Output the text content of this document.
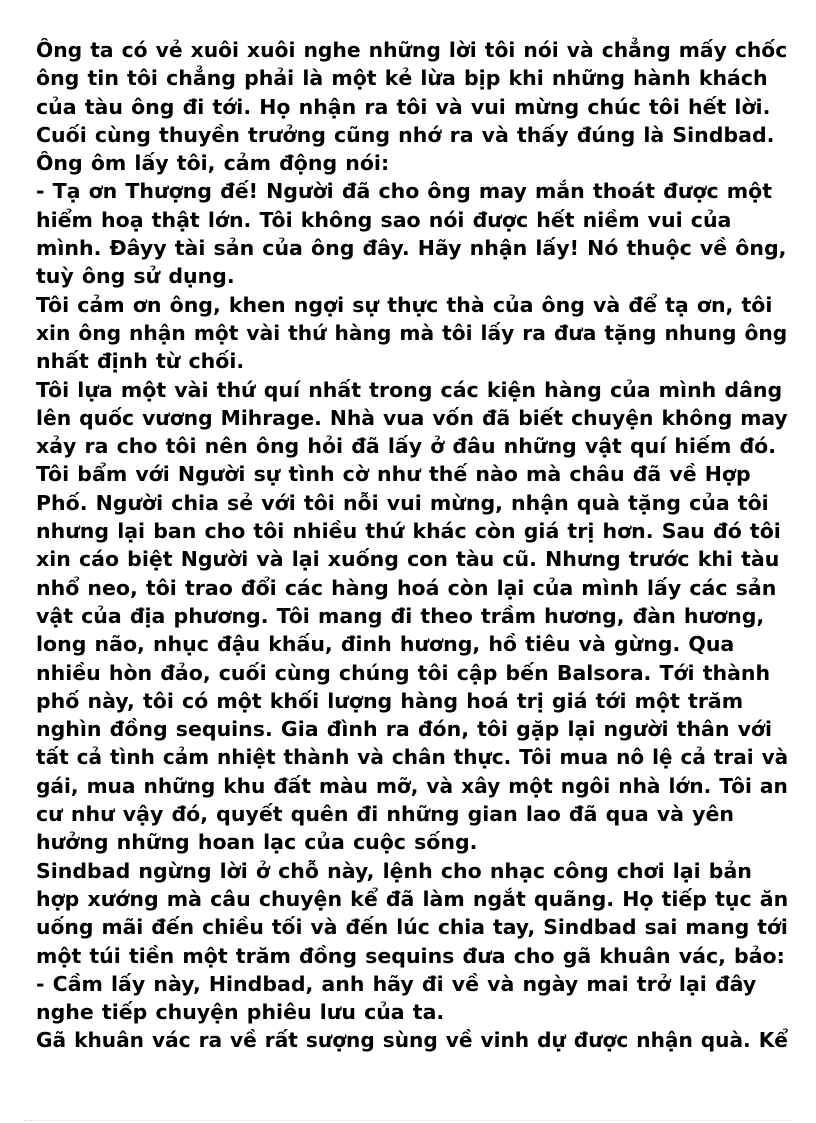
Ông ta có vẻ xuôi xuôi nghe những lời tôi nói và chẳng mấy chốc
ông tin tôi chẳng phải là một kẻ lừa bịp khi những hành khách
của tàu ông đi tới. Họ nhận ra tôi và vui mừng chúc tôi hết lời.
Cuối cùng thuyền trưởng cũng nhớ ra và thấy đúng là Sindbad.
Ông ôm lấy tôi, cảm động nói:
- Tạ ơn Thượng đế! Người đã cho ông may mắn thoát được một
hiểm hoạ thật lớn. Tôi không sao nói được hết niềm vui của
mình. Đâyy tài sản của ông đây. Hãy nhận lấy! Nó thuộc về ông,
tuỳ ông sử dụng.
Tôi cảm ơn ông, khen ngợi sự thực thà của ông và để tạ ơn, tôi
xin ông nhận một vài thứ hàng mà tôi lấy ra đưa tặng nhung ông
nhất định từ chối.
Tôi lựa một vài thứ quí nhất trong các kiện hàng của mình dâng
lên quốc vương Mihrage. Nhà vua vốn đã biết chuyện không may
xảy ra cho tôi nên ông hỏi đã lấy ở đâu những vật quí hiếm đó.
Tôi bẩm với Người sự tình cờ như thế nào mà châu đã về Hợp
Phố. Người chia sẻ với tôi nỗi vui mừng, nhận quà tặng của tôi
nhưng lại ban cho tôi nhiều thứ khác còn giá trị hơn. Sau đó tôi
xin cáo biệt Người và lại xuống con tàu cũ. Nhưng trước khi tàu
nhổ neo, tôi trao đổi các hàng hoá còn lại của mình lấy các sản
vật của địa phương. Tôi mang đi theo trầm hương, đàn hương,
long não, nhục đậu khấu, đinh hương, hồ tiêu và gừng. Qua
nhiều hòn đảo, cuối cùng chúng tôi cập bến Balsora. Tới thành
phố này, tôi có một khối lượng hàng hoá trị giá tới một trăm
nghìn đồng sequins. Gia đình ra đón, tôi gặp lại người thân với
tất cả tình cảm nhiệt thành và chân thực. Tôi mua nô lệ cả trai và
gái, mua những khu đất màu mỡ, và xây một ngôi nhà lớn. Tôi an
cư như vậy đó, quyết quên đi những gian lao đã qua và yên
hưởng những hoan lạc của cuộc sống.
Sindbad ngừng lời ở chỗ này, lệnh cho nhạc công chơi lại bản
hợp xướng mà câu chuyện kể đã làm ngắt quãng. Họ tiếp tục ăn
uống mãi đến chiều tối và đến lúc chia tay, Sindbad sai mang tới
một túi tiền một trăm đồng sequins đưa cho gã khuân vác, bảo:
- Cầm lấy này, Hindbad, anh hãy đi về và ngày mai trở lại đây
nghe tiếp chuyện phiêu lưu của ta.
Gã khuân vác ra về rất sượng sùng về vinh dự được nhận quà. Kể
